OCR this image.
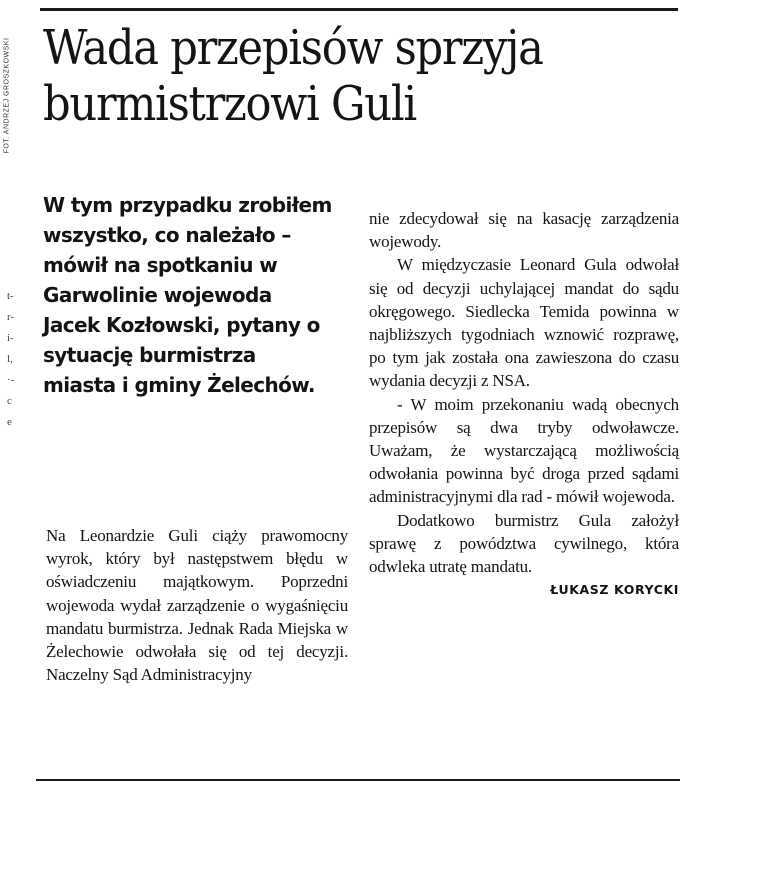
FOT. ANDRZEJ GROSZKOWSKI
t-
r-
i-
l,
·-
c
e
Wada przepisów sprzyja burmistrzowi Guli

W tym przypadku zrobiłem wszystko, co należało – mówił na spotkaniu w Garwolinie wojewoda Jacek Kozłowski, pytany o sytuację burmistrza miasta i gminy Żelechów.

Na Leonardzie Guli ciąży prawomocny wyrok, który był następstwem błędu w oświadczeniu majątkowym. Poprzedni wojewoda wydał zarządzenie o wygaśnięciu mandatu burmistrza. Jednak Rada Miejska w Żelechowie odwołała się od tej decyzji. Naczelny Sąd Administracyjny

nie zdecydował się na kasację zarządzenia wojewody.

W międzyczasie Leonard Gula odwołał się od decyzji uchylającej mandat do sądu okręgowego. Siedlecka Temida powinna w najbliższych tygodniach wznowić rozprawę, po tym jak została ona zawieszona do czasu wydania decyzji z NSA.

- W moim przekonaniu wadą obecnych przepisów są dwa tryby odwoławcze. Uważam, że wystarczającą możliwością odwołania powinna być droga przed sądami administracyjnymi dla rad - mówił wojewoda.

Dodatkowo burmistrz Gula założył sprawę z powództwa cywilnego, która odwleka utratę mandatu.

ŁUKASZ KORYCKI
